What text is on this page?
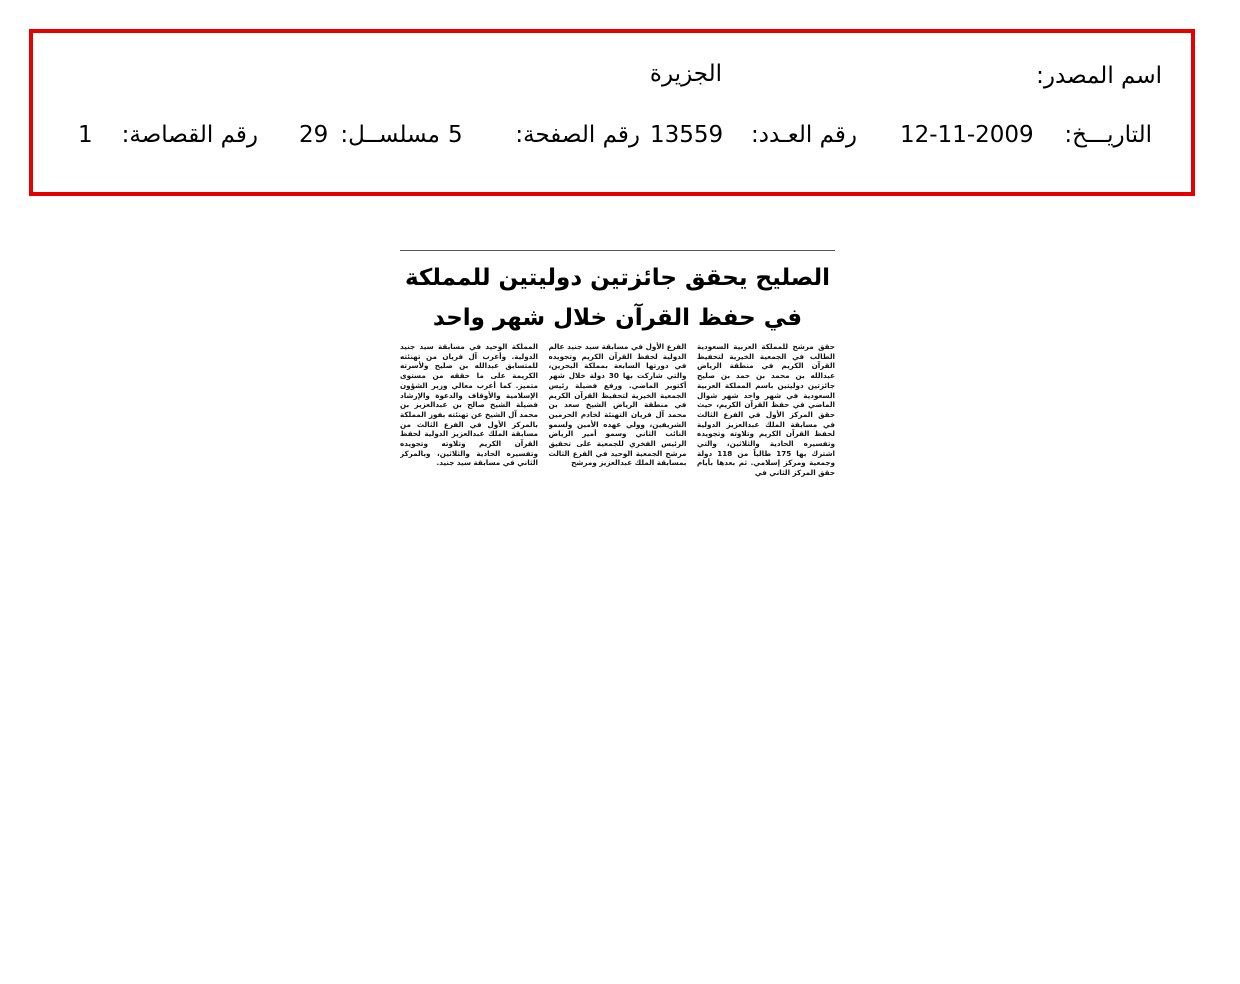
اسم المصدر:
الجزيرة
التاريـــخ:
12-11-2009
رقم العـدد:
13559
رقم الصفحة:
5
مسلســل:
29
رقم القصاصة:
1
الصليح يحقق جائزتين دوليتين للمملكة
في حفظ القرآن خلال شهر واحد
حقق مرشح للمملكة العربية السعودية الطالب في الجمعية الخيرية لتحفيظ القرآن الكريم في منطقة الرياض عبدالله بن محمد بن حمد بن صليح جائزتين دوليتين باسم المملكة العربية السعودية في شهر واحد شهر شوال الماضي في حفظ القرآن الكريم، حيث حقق المركز الأول في الفرع الثالث في مسابقة الملك عبدالعزيز الدولية لحفظ القرآن الكريم وتلاوته وتجويده وتفسيره الحادية والثلاثين، والتي اشترك بها 175 طالباً من 118 دولة وجمعية ومركز إسلامي. ثم بعدها بأيام حقق المركز الثاني في
الفرع الأول في مسابقة سيد جنيد عالم الدولية لحفظ القرآن الكريم وتجويده في دورتها السابعة بمملكة البحرين، والتي شاركت بها 30 دولة خلال شهر أكتوبر الماضي. ورفع فضيلة رئيس الجمعية الخيرية لتحفيظ القرآن الكريم في منطقة الرياض الشيخ سعد بن محمد آل فريان التهنئة لخادم الحرمين الشريفين، وولي عهده الأمين ولسمو النائب الثاني وسمو أمير الرياض الرئيس الفخري للجمعية على تحقيق مرشح الجمعية الوحيد في الفرع الثالث بمسابقة الملك عبدالعزيز ومرشح
المملكة الوحيد في مسابقة سيد جنيد الدولية. وأعرب آل فريان من تهنئته للمتسابق عبدالله بن صليح ولأسرته الكريمة على ما حققه من مستوى متميز. كما أعرب معالي وزير الشؤون الإسلامية والأوقاف والدعوة والإرشاد فضيلة الشيخ صالح بن عبدالعزيز بن محمد آل الشيخ عن تهنئته بفوز المملكة بالمركز الأول في الفرع الثالث من مسابقة الملك عبدالعزيز الدولية لحفظ القرآن الكريم وتلاوته وتجويده وتفسيره الحادية والثلاثين، وبالمركز الثاني في مسابقة سيد جنيد.
